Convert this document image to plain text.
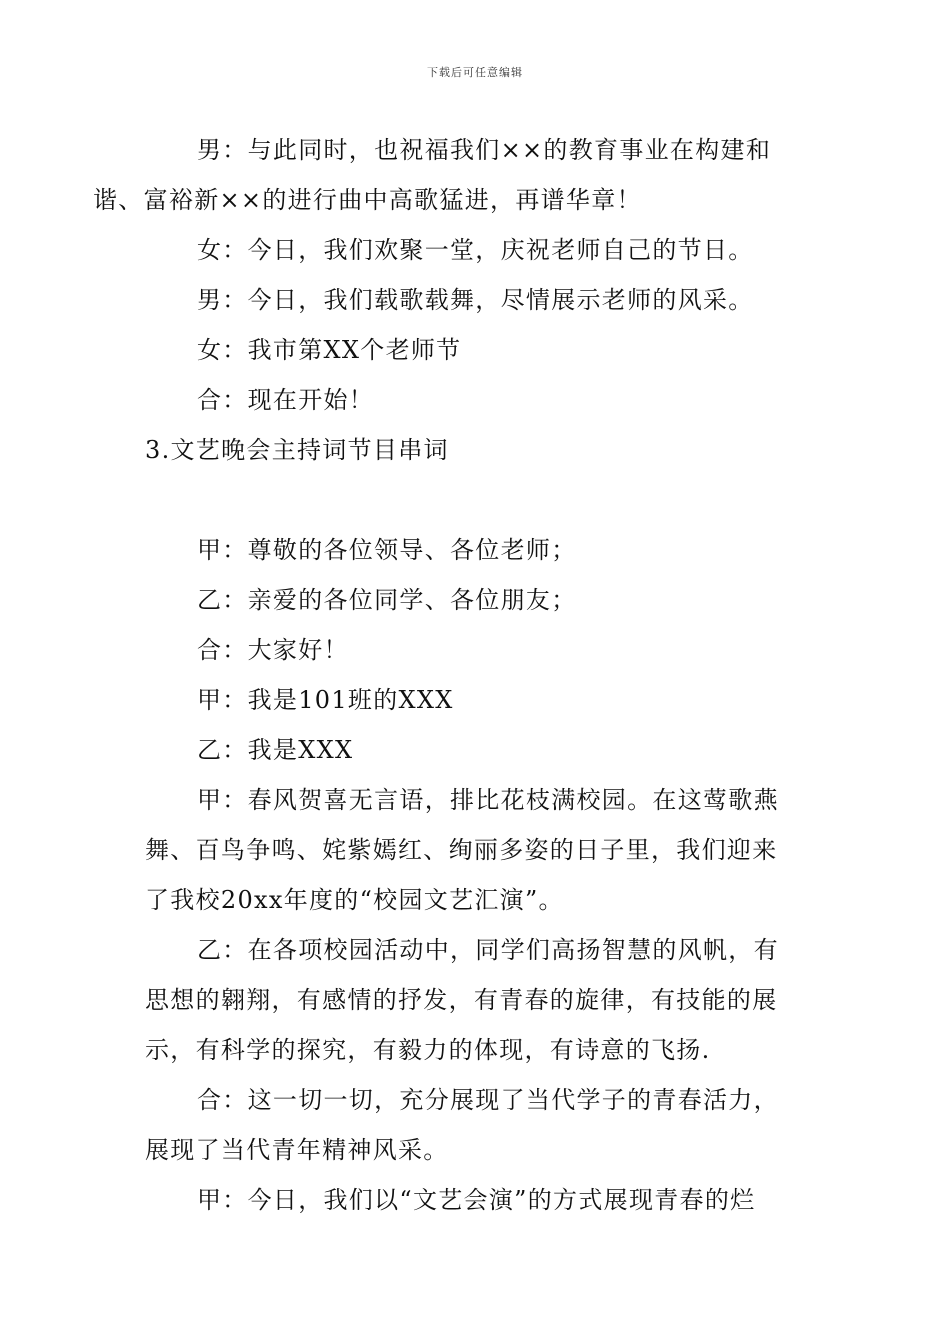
下载后可任意编辑

男：与此同时，也祝福我们××的教育事业在构建和
谐、富裕新××的进行曲中高歌猛进，再谱华章！

女：今日，我们欢聚一堂，庆祝老师自己的节日。

男：今日，我们载歌载舞，尽情展示老师的风采。

女：我市第XX个老师节

合：现在开始！

3.文艺晚会主持词节目串词

甲：尊敬的各位领导、各位老师；

乙：亲爱的各位同学、各位朋友；

合：大家好！

甲：我是101班的XXX

乙：我是XXX

甲：春风贺喜无言语，排比花枝满校园。在这莺歌燕
舞、百鸟争鸣、姹紫嫣红、绚丽多姿的日子里，我们迎来
了我校20xx年度的“校园文艺汇演”。

乙：在各项校园活动中，同学们高扬智慧的风帆，有
思想的翱翔，有感情的抒发，有青春的旋律，有技能的展
示，有科学的探究，有毅力的体现，有诗意的飞扬.

合：这一切一切，充分展现了当代学子的青春活力，
展现了当代青年精神风采。

甲：今日，我们以“文艺会演”的方式展现青春的烂
